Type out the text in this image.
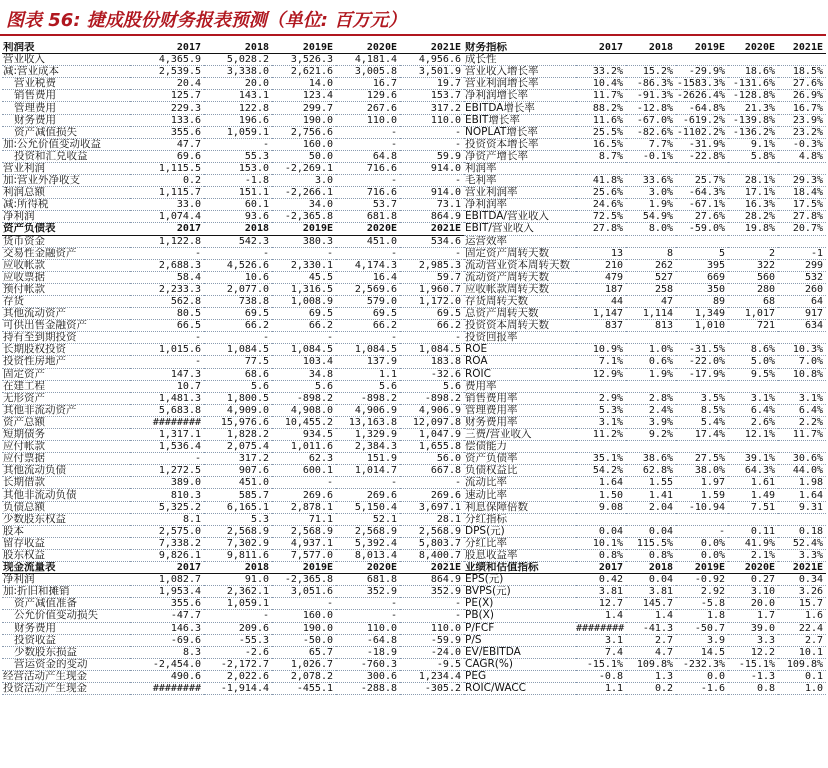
图表 56: 捷成股份财务报表预测（单位: 百万元）
利润表	2017	2018	2019E	2020E	2021E
营业收入	4,365.9	5,028.2	3,526.3	4,181.4	4,956.6
减:营业成本	2,539.5	3,338.0	2,621.6	3,005.8	3,501.9
营业税费	20.4	20.0	14.0	16.7	19.7
销售费用	125.7	143.1	123.4	129.6	153.7
管理费用	229.3	122.8	299.7	267.6	317.2
财务费用	133.6	196.6	190.0	110.0	110.0
资产减值损失	355.6	1,059.1	2,756.6	-	-
加:公允价值变动收益	47.7	-	160.0	-	-
投资和汇兑收益	69.6	55.3	50.0	64.8	59.9
营业利润	1,115.5	153.0	-2,269.1	716.6	914.0
加:营业外净收支	0.2	-1.8	3.0	-	-
利润总额	1,115.7	151.1	-2,266.1	716.6	914.0
减:所得税	33.0	60.1	34.0	53.7	73.1
净利润	1,074.4	93.6	-2,365.8	681.8	864.9
资产负债表	2017	2018	2019E	2020E	2021E
货币资金	1,122.8	542.3	380.3	451.0	534.6
交易性金融资产	-	-	-	-	-
应收帐款	2,688.3	4,526.6	2,330.1	4,174.3	2,985.3
应收票据	58.4	10.6	45.5	16.4	59.7
预付帐款	2,233.3	2,077.0	1,316.5	2,569.6	1,960.7
存货	562.8	738.8	1,008.9	579.0	1,172.0
其他流动资产	80.5	69.5	69.5	69.5	69.5
可供出售金融资产	66.5	66.2	66.2	66.2	66.2
持有至到期投资	-	-	-	-	-
长期股权投资	1,015.6	1,084.5	1,084.5	1,084.5	1,084.5
投资性房地产	-	77.5	103.4	137.9	183.8
固定资产	147.3	68.6	34.8	1.1	-32.6
在建工程	10.7	5.6	5.6	5.6	5.6
无形资产	1,481.3	1,800.5	-898.2	-898.2	-898.2
其他非流动资产	5,683.8	4,909.0	4,908.0	4,906.9	4,906.9
资产总额	########	15,976.6	10,455.2	13,163.8	12,097.8
短期债务	1,317.1	1,828.2	934.5	1,329.9	1,047.9
应付帐款	1,536.4	2,075.4	1,011.6	2,384.3	1,655.8
应付票据	-	317.2	62.3	151.9	56.0
其他流动负债	1,272.5	907.6	600.1	1,014.7	667.8
长期借款	389.0	451.0	-	-	-
其他非流动负债	810.3	585.7	269.6	269.6	269.6
负债总额	5,325.2	6,165.1	2,878.1	5,150.4	3,697.1
少数股东权益	8.1	5.3	71.1	52.1	28.1
股本	2,575.0	2,568.9	2,568.9	2,568.9	2,568.9
留存收益	7,338.2	7,302.9	4,937.1	5,392.4	5,803.7
股东权益	9,826.1	9,811.6	7,577.0	8,013.4	8,400.7
现金流量表	2017	2018	2019E	2020E	2021E
净利润	1,082.7	91.0	-2,365.8	681.8	864.9
加:折旧和摊销	1,953.4	2,362.1	3,051.6	352.9	352.9
资产减值准备	355.6	1,059.1	-	-	-
公允价值变动损失	-47.7	-	160.0	-	-
财务费用	146.3	209.6	190.0	110.0	110.0
投资收益	-69.6	-55.3	-50.0	-64.8	-59.9
少数股东损益	8.3	-2.6	65.7	-18.9	-24.0
营运资金的变动	-2,454.0	-2,172.7	1,026.7	-760.3	-9.5
经营活动产生现金	490.6	2,022.6	2,078.2	300.6	1,234.4
投资活动产生现金	########	-1,914.4	-455.1	-288.8	-305.2
财务指标	2017	2018	2019E	2020E	2021E
成长性					
营业收入增长率	33.2%	15.2%	-29.9%	18.6%	18.5%
营业利润增长率	10.4%	-86.3%	-1583.3%	-131.6%	27.6%
净利润增长率	11.7%	-91.3%	-2626.4%	-128.8%	26.9%
EBITDA增长率	88.2%	-12.8%	-64.8%	21.3%	16.7%
EBIT增长率	11.6%	-67.0%	-619.2%	-139.8%	23.9%
NOPLAT增长率	25.5%	-82.6%	-1102.2%	-136.2%	23.2%
投资资本增长率	16.5%	7.7%	-31.9%	9.1%	-0.3%
净资产增长率	8.7%	-0.1%	-22.8%	5.8%	4.8%
利润率					
毛利率	41.8%	33.6%	25.7%	28.1%	29.3%
营业利润率	25.6%	3.0%	-64.3%	17.1%	18.4%
净利润率	24.6%	1.9%	-67.1%	16.3%	17.5%
EBITDA/营业收入	72.5%	54.9%	27.6%	28.2%	27.8%
EBIT/营业收入	27.8%	8.0%	-59.0%	19.8%	20.7%
运营效率					
固定资产周转天数	13	8	5	2	-1
流动营业资本周转天数	210	262	395	322	299
流动资产周转天数	479	527	669	560	532
应收帐款周转天数	187	258	350	280	260
存货周转天数	44	47	89	68	64
总资产周转天数	1,147	1,114	1,349	1,017	917
投资资本周转天数	837	813	1,010	721	634
投资回报率					
ROE	10.9%	1.0%	-31.5%	8.6%	10.3%
ROA	7.1%	0.6%	-22.0%	5.0%	7.0%
ROIC	12.9%	1.9%	-17.9%	9.5%	10.8%
费用率					
销售费用率	2.9%	2.8%	3.5%	3.1%	3.1%
管理费用率	5.3%	2.4%	8.5%	6.4%	6.4%
财务费用率	3.1%	3.9%	5.4%	2.6%	2.2%
三费/营业收入	11.2%	9.2%	17.4%	12.1%	11.7%
偿债能力					
资产负债率	35.1%	38.6%	27.5%	39.1%	30.6%
负债权益比	54.2%	62.8%	38.0%	64.3%	44.0%
流动比率	1.64	1.55	1.97	1.61	1.98
速动比率	1.50	1.41	1.59	1.49	1.64
利息保障倍数	9.08	2.04	-10.94	7.51	9.31
分红指标					
DPS(元)	0.04	0.04	-	0.11	0.18
分红比率	10.1%	115.5%	0.0%	41.9%	52.4%
股息收益率	0.8%	0.8%	0.0%	2.1%	3.3%
业绩和估值指标	2017	2018	2019E	2020E	2021E
EPS(元)	0.42	0.04	-0.92	0.27	0.34
BVPS(元)	3.81	3.81	2.92	3.10	3.26
PE(X)	12.7	145.7	-5.8	20.0	15.7
PB(X)	1.4	1.4	1.8	1.7	1.6
P/FCF	########	-41.3	-50.7	39.0	22.4
P/S	3.1	2.7	3.9	3.3	2.7
EV/EBITDA	7.4	4.7	14.5	12.2	10.1
CAGR(%)	-15.1%	109.8%	-232.3%	-15.1%	109.8%
PEG	-0.8	1.3	0.0	-1.3	0.1
ROIC/WACC	1.1	0.2	-1.6	0.8	1.0
